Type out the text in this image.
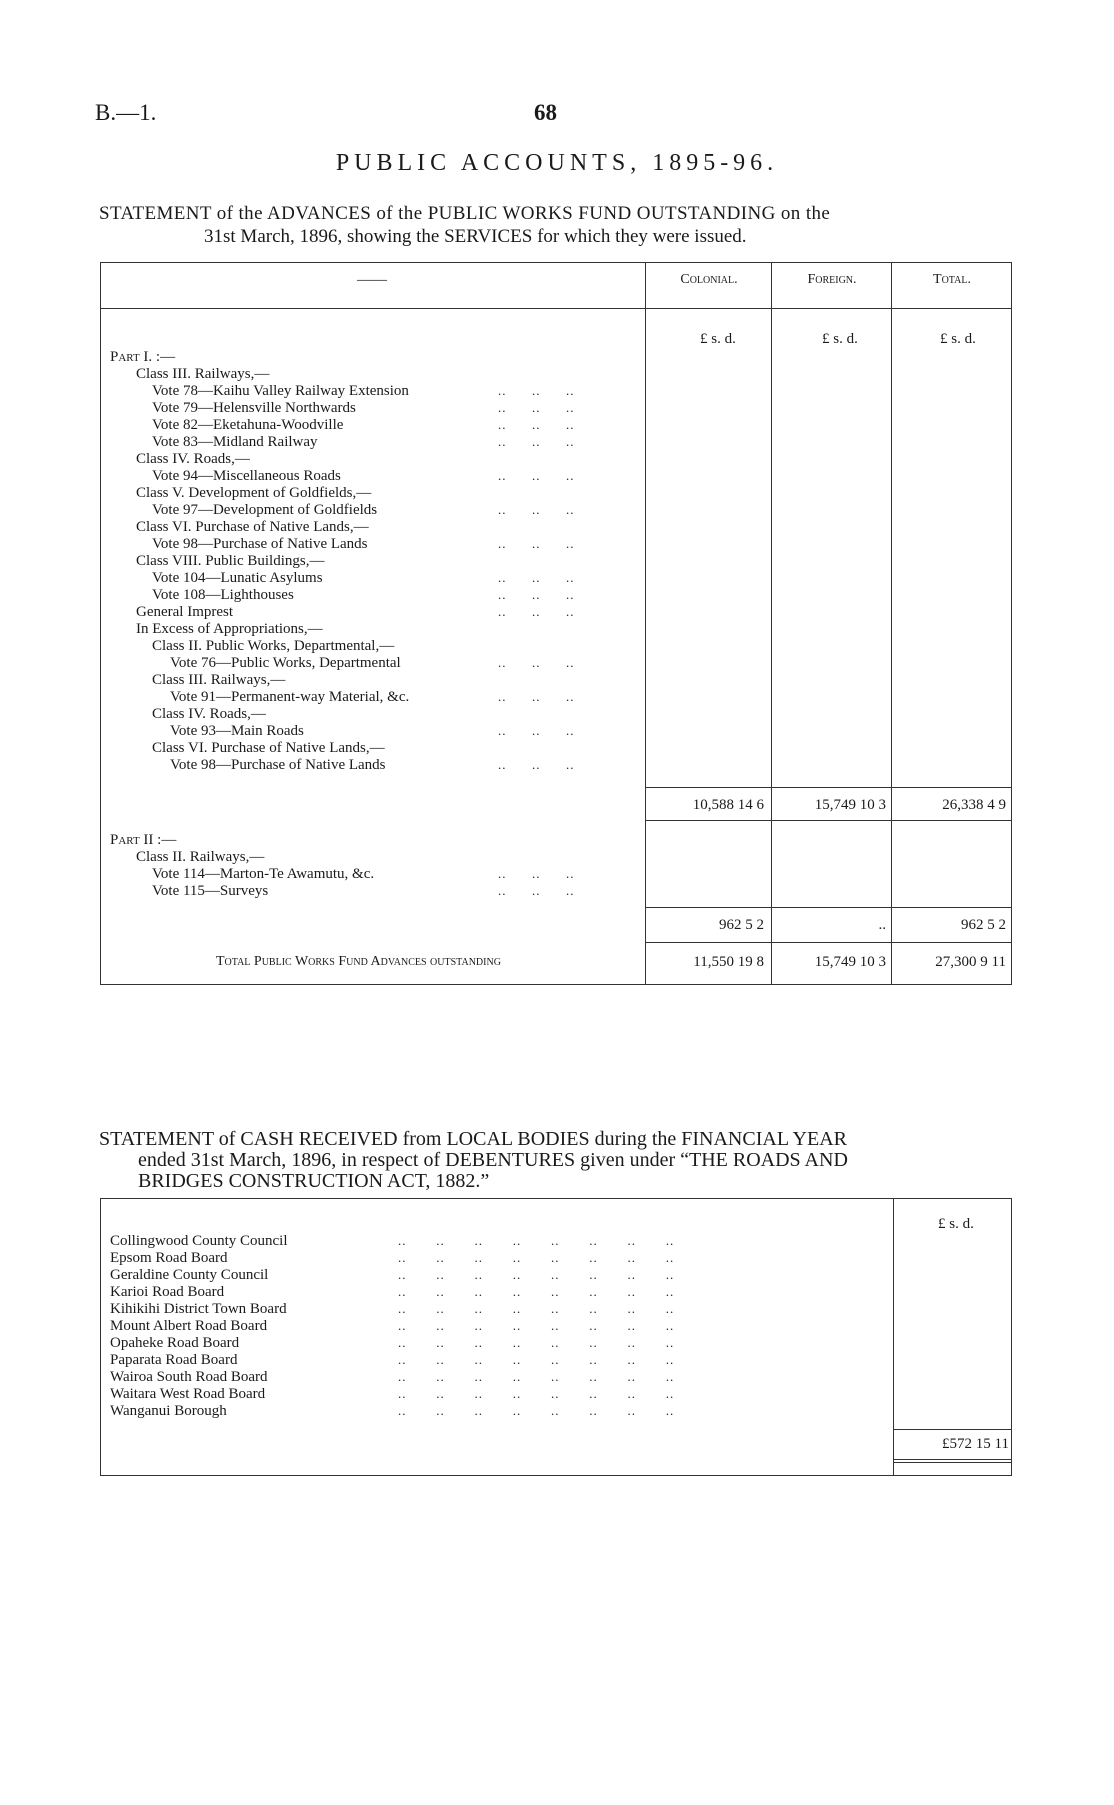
B.—1.	68
PUBLIC ACCOUNTS, 1895-96.
STATEMENT of the ADVANCES of the PUBLIC WORKS FUND OUTSTANDING on the
31st March, 1896, showing the SERVICES for which they were issued.
——	Colonial.	Foreign.	Total.
£ s. d.	£ s. d.	£ s. d.
Part I. :—
Class III. Railways,—
Vote 78—Kaihu Valley Railway Extension	..      ..      ..
Vote 79—Helensville Northwards	..      ..      ..
Vote 82—Eketahuna-Woodville	..      ..      ..
Vote 83—Midland Railway	..      ..      ..
Class IV. Roads,—
Vote 94—Miscellaneous Roads	..      ..      ..
Class V. Development of Goldfields,—
Vote 97—Development of Goldfields	..      ..      ..
Class VI. Purchase of Native Lands,—
Vote 98—Purchase of Native Lands	..      ..      ..
Class VIII. Public Buildings,—
Vote 104—Lunatic Asylums	..      ..      ..
Vote 108—Lighthouses	..      ..      ..
General Imprest	..      ..      ..
In Excess of Appropriations,—
Class II. Public Works, Departmental,—
Vote 76—Public Works, Departmental	..      ..      ..
Class III. Railways,—
Vote 91—Permanent-way Material, &c.	..      ..      ..
Class IV. Roads,—
Vote 93—Main Roads	..      ..      ..
Class VI. Purchase of Native Lands,—
Vote 98—Purchase of Native Lands	..      ..      ..
10,588 14 6	15,749 10 3	26,338 4 9
Part II :—
Class II. Railways,—
Vote 114—Marton-Te Awamutu, &c.	..      ..      ..
Vote 115—Surveys	..      ..      ..
962 5 2	..	962 5 2
Total Public Works Fund Advances outstanding	11,550 19 8	15,749 10 3	27,300 9 11
STATEMENT of CASH RECEIVED from LOCAL BODIES during the FINANCIAL YEAR
ended 31st March, 1896, in respect of DEBENTURES given under “THE ROADS AND
BRIDGES CONSTRUCTION ACT, 1882.”
£ s. d.
Collingwood County Council	..       ..       ..       ..       ..       ..       ..       ..
Epsom Road Board	..       ..       ..       ..       ..       ..       ..       ..
Geraldine County Council	..       ..       ..       ..       ..       ..       ..       ..
Karioi Road Board	..       ..       ..       ..       ..       ..       ..       ..
Kihikihi District Town Board	..       ..       ..       ..       ..       ..       ..       ..
Mount Albert Road Board	..       ..       ..       ..       ..       ..       ..       ..
Opaheke Road Board	..       ..       ..       ..       ..       ..       ..       ..
Paparata Road Board	..       ..       ..       ..       ..       ..       ..       ..
Wairoa South Road Board	..       ..       ..       ..       ..       ..       ..       ..
Waitara West Road Board	..       ..       ..       ..       ..       ..       ..       ..
Wanganui Borough	..       ..       ..       ..       ..       ..       ..       ..
£572 15 11
